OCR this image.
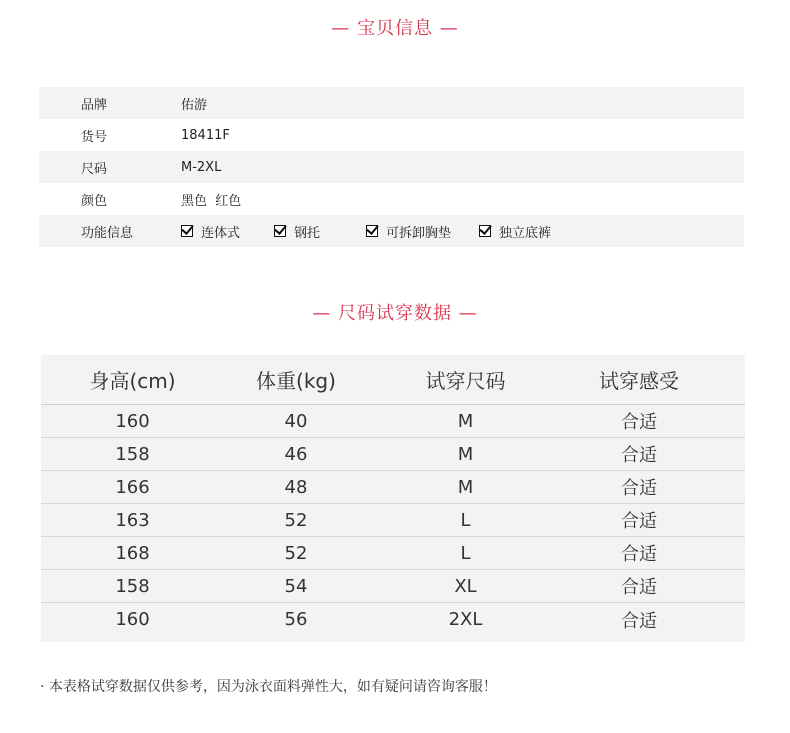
— 宝贝信息 —
品牌	佑游
货号	18411F
尺码	M-2XL
颜色	黑色  红色
功能信息	连体式	钢托	可拆卸胸垫	独立底裤
— 尺码试穿数据 —
身高(cm)	体重(kg)	试穿尺码	试穿感受
160	40	M	合适
158	46	M	合适
166	48	M	合适
163	52	L	合适
168	52	L	合适
158	54	XL	合适
160	56	2XL	合适
· 本表格试穿数据仅供参考，因为泳衣面料弹性大，如有疑问请咨询客服！
